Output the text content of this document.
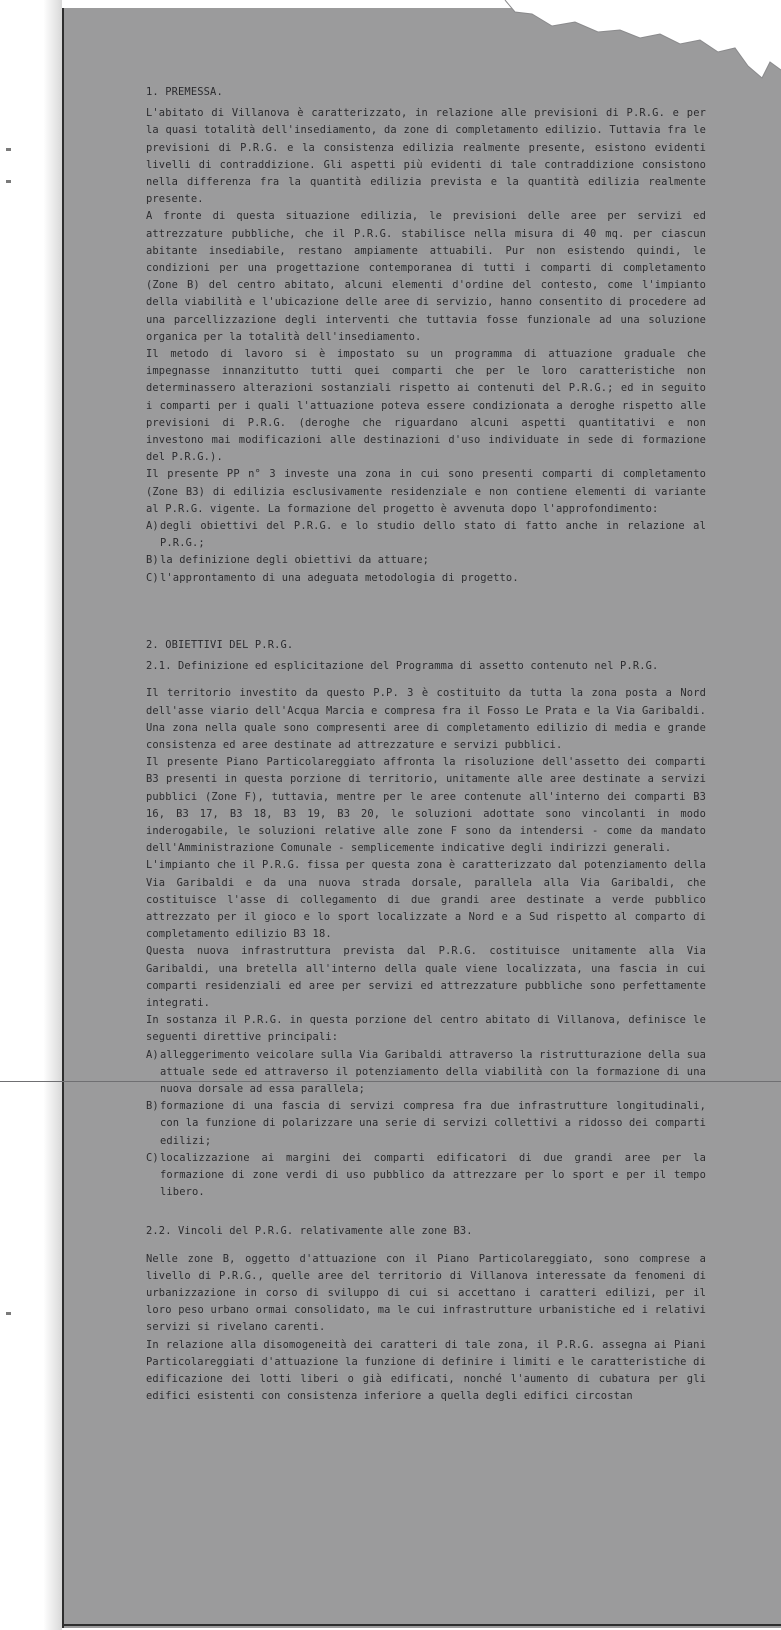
1. PREMESSA.

L'abitato di Villanova è caratterizzato, in relazione alle previsioni di P.R.G. e per la quasi totalità dell'insediamento, da zone di completamento edilizio. Tuttavia fra le previsioni di P.R.G. e la consistenza edilizia realmente presente, esistono evidenti livelli di contraddizione. Gli aspetti più evidenti di tale contraddizione consistono nella differenza fra la quantità edilizia prevista e la quantità edilizia realmente presente.

A fronte di questa situazione edilizia, le previsioni delle aree per servizi ed attrezzature pubbliche, che il P.R.G. stabilisce nella misura di 40 mq. per ciascun abitante insediabile, restano ampiamente attuabili. Pur non esistendo quindi, le condizioni per una progettazione contemporanea di tutti i comparti di completamento (Zone B) del centro abitato, alcuni elementi d'ordine del contesto, come l'impianto della viabilità e l'ubicazione delle aree di servizio, hanno consentito di procedere ad una parcellizzazione degli interventi che tuttavia fosse funzionale ad una soluzione organica per la totalità dell'insediamento.

Il metodo di lavoro si è impostato su un programma di attuazione graduale che impegnasse innanzitutto tutti quei comparti che per le loro caratteristiche non determinassero alterazioni sostanziali rispetto ai contenuti del P.R.G.; ed in seguito i comparti per i quali l'attuazione poteva essere condizionata a deroghe rispetto alle previsioni di P.R.G. (deroghe che riguardano alcuni aspetti quantitativi e non investono mai modificazioni alle destinazioni d'uso individuate in sede di formazione del P.R.G.).

Il presente PP n° 3 investe una zona in cui sono presenti comparti di completamento (Zone B3) di edilizia esclusivamente residenziale e non contiene elementi di variante al P.R.G. vigente. La formazione del progetto è avvenuta dopo l'approfondimento:

A) degli obiettivi del P.R.G. e lo studio dello stato di fatto anche in relazione al P.R.G.;
B) la definizione degli obiettivi da attuare;
C) l'approntamento di una adeguata metodologia di progetto.
2. OBIETTIVI DEL P.R.G.
2.1. Definizione ed esplicitazione del Programma di assetto contenuto nel P.R.G.

Il territorio investito da questo P.P. 3 è costituito da tutta la zona posta a Nord dell'asse viario dell'Acqua Marcia e compresa fra il Fosso Le Prata e la Via Garibaldi. Una zona nella quale sono compresenti aree di completamento edilizio di media e grande consistenza ed aree destinate ad attrezzature e servizi pubblici.

Il presente Piano Particolareggiato affronta la risoluzione dell'assetto dei comparti B3 presenti in questa porzione di territorio, unitamente alle aree destinate a servizi pubblici (Zone F), tuttavia, mentre per le aree contenute all'interno dei comparti B3 16, B3 17, B3 18, B3 19, B3 20, le soluzioni adottate sono vincolanti in modo inderogabile, le soluzioni relative alle zone F sono da intendersi - come da mandato dell'Amministrazione Comunale - semplicemente indicative degli indirizzi generali.

L'impianto che il P.R.G. fissa per questa zona è caratterizzato dal potenziamento della Via Garibaldi e da una nuova strada dorsale, parallela alla Via Garibaldi, che costituisce l'asse di collegamento di due grandi aree destinate a verde pubblico attrezzato per il gioco e lo sport localizzate a Nord e a Sud rispetto al comparto di completamento edilizio B3 18.

Questa nuova infrastruttura prevista dal P.R.G. costituisce unitamente alla Via Garibaldi, una bretella all'interno della quale viene localizzata, una fascia in cui comparti residenziali ed aree per servizi ed attrezzature pubbliche sono perfettamente integrati.

In sostanza il P.R.G. in questa porzione del centro abitato di Villanova, definisce le seguenti direttive principali:

A) alleggerimento veicolare sulla Via Garibaldi attraverso la ristrutturazione della sua attuale sede ed attraverso il potenziamento della viabilità con la formazione di una nuova dorsale ad essa parallela;
B) formazione di una fascia di servizi compresa fra due infrastrutture longitudinali, con la funzione di polarizzare una serie di servizi collettivi a ridosso dei comparti edilizi;
C) localizzazione ai margini dei comparti edificatori di due grandi aree per la formazione di zone verdi di uso pubblico da attrezzare per lo sport e per il tempo libero.
2.2. Vincoli del P.R.G. relativamente alle zone B3.

Nelle zone B, oggetto d'attuazione con il Piano Particolareggiato, sono comprese a livello di P.R.G., quelle aree del territorio di Villanova interessate da fenomeni di urbanizzazione in corso di sviluppo di cui si accettano i caratteri edilizi, per il loro peso urbano ormai consolidato, ma le cui infrastrutture urbanistiche ed i relativi servizi si rivelano carenti.

In relazione alla disomogeneità dei caratteri di tale zona, il P.R.G. assegna ai Piani Particolareggiati d'attuazione la funzione di definire i limiti e le caratteristiche di edificazione dei lotti liberi o già edificati, nonché l'aumento di cubatura per gli edifici esistenti con consistenza inferiore a quella degli edifici circostan
